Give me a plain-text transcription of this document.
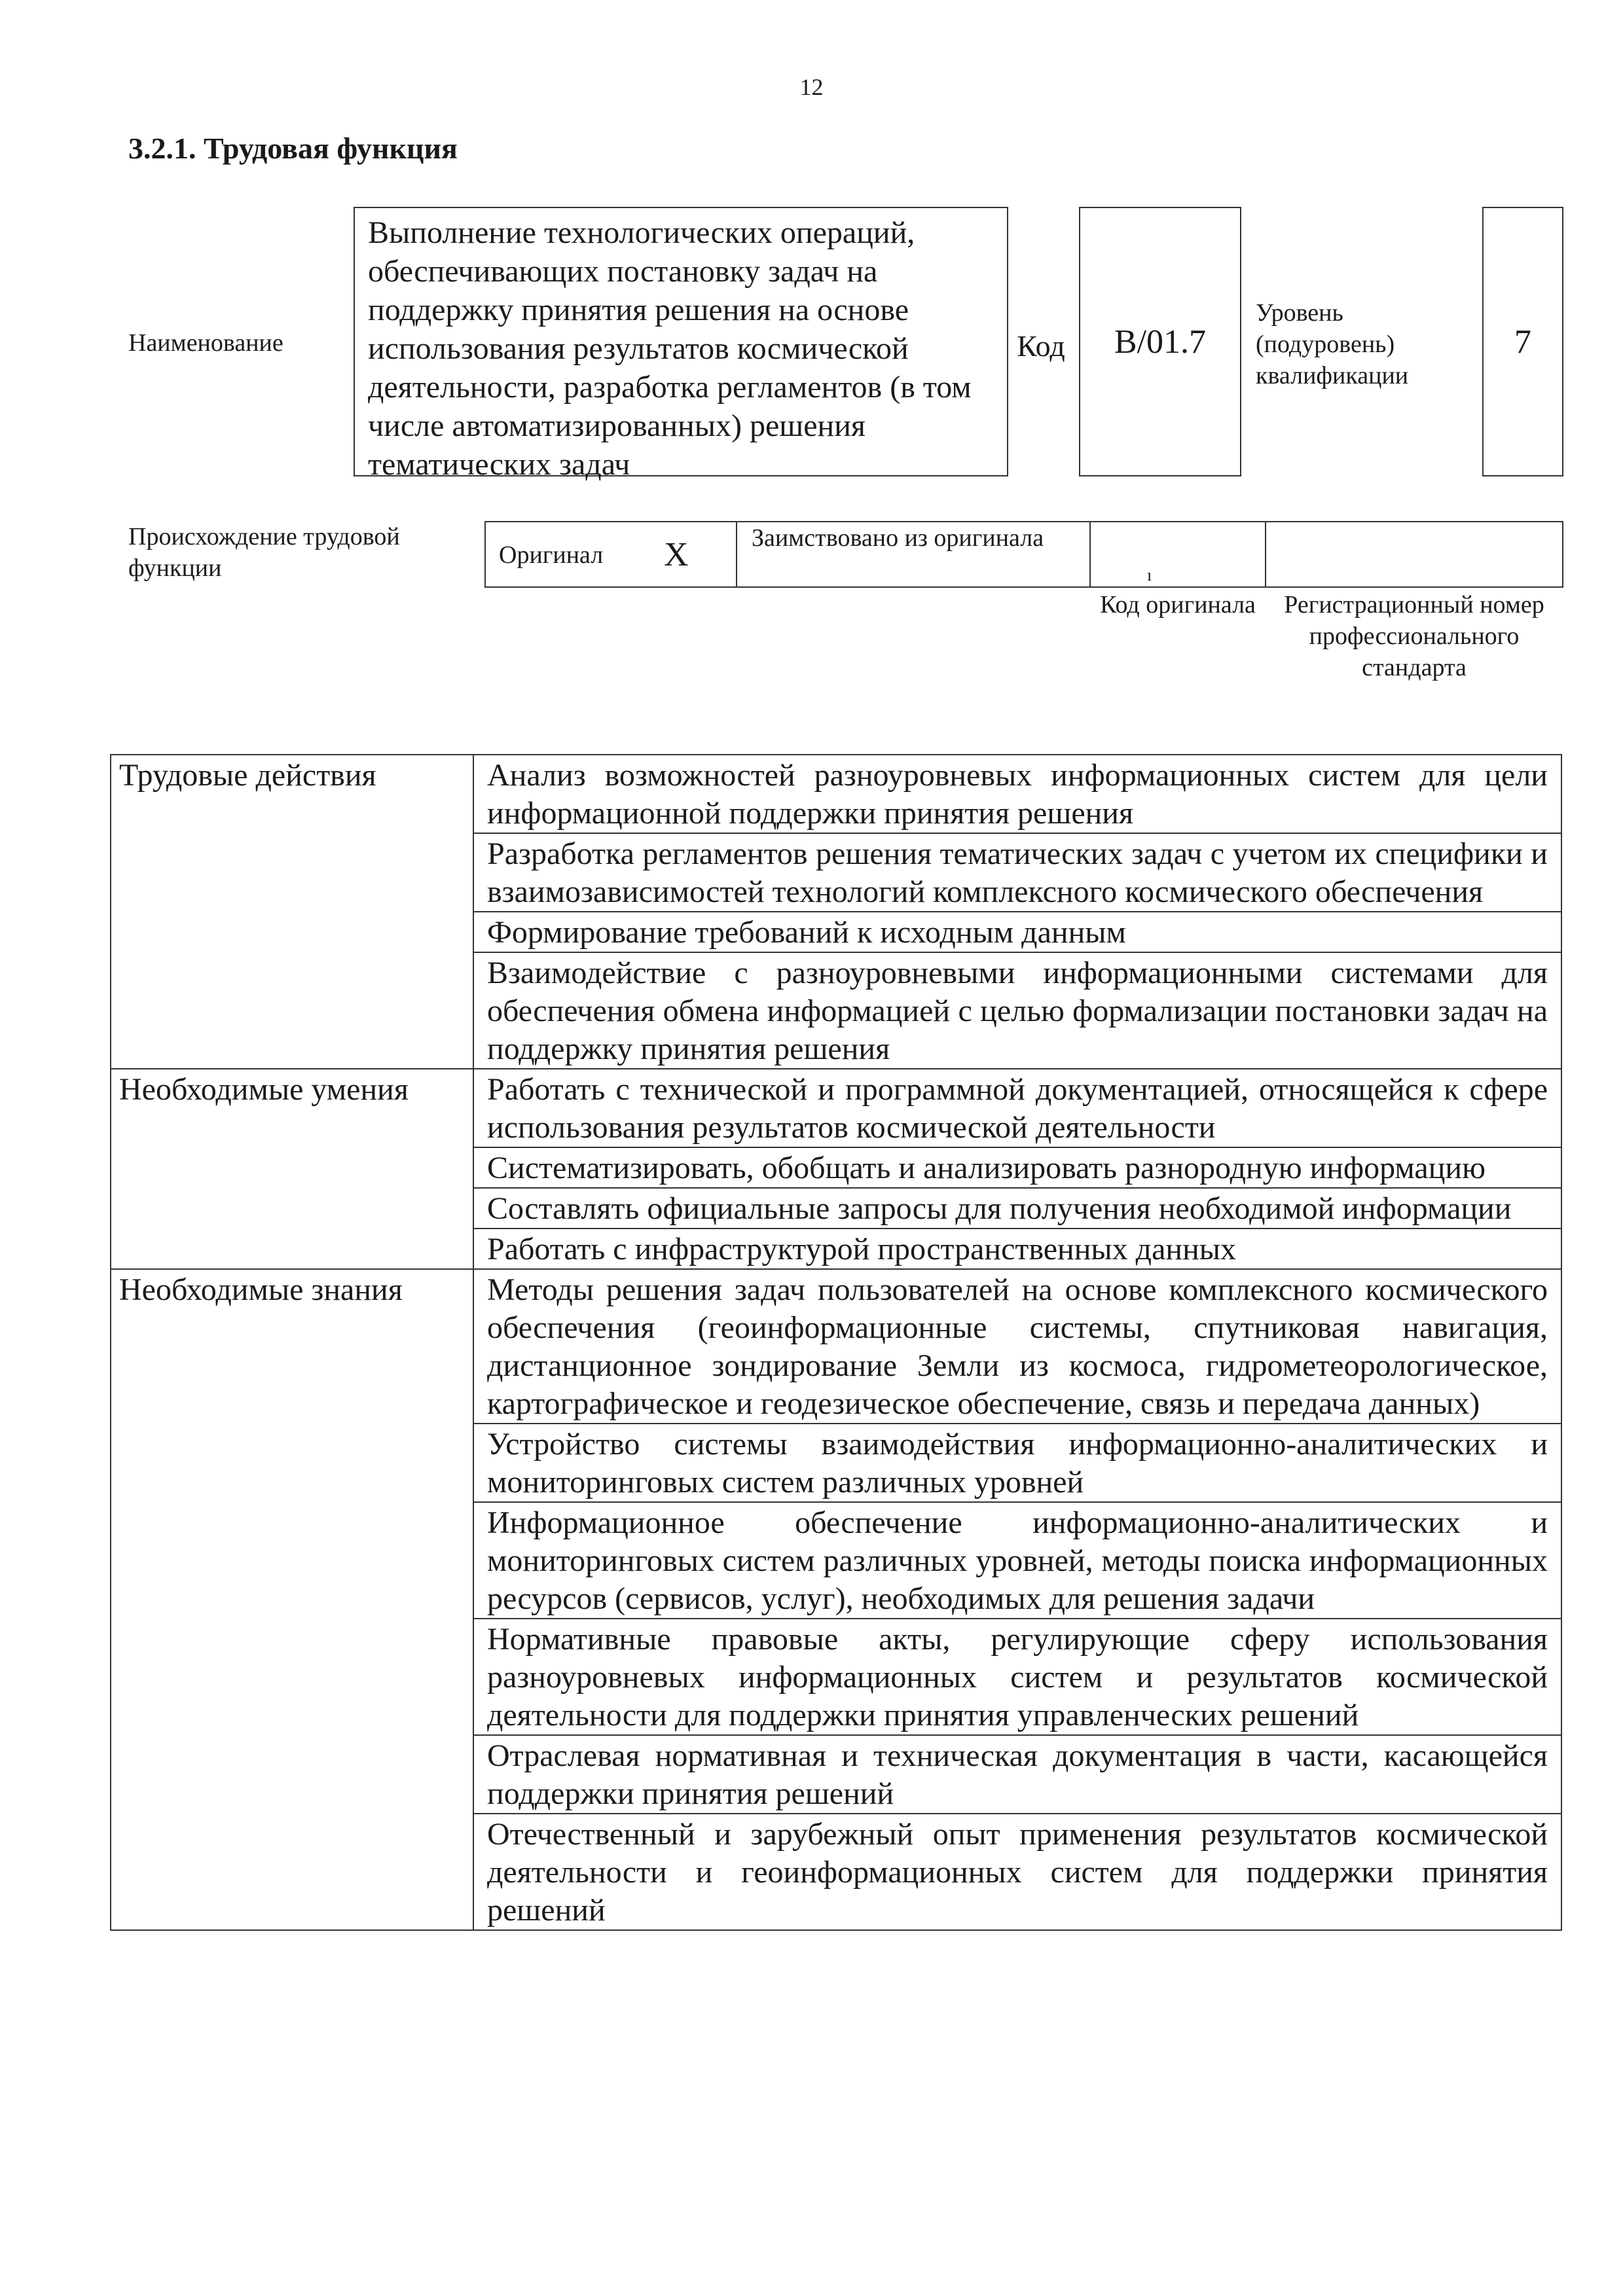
12
3.2.1. Трудовая функция
Наименование
Выполнение технологических операций, обеспечивающих постановку задач на поддержку принятия решения на основе использования результатов космической деятельности, разработка регламентов (в том числе автоматизированных) решения тематических задач
Код B/01.7
Уровень (подуровень) квалификации
7
Происхождение трудовой функции	Оригинал X	Заимствовано из оригинала
ı
Код оригинала	Регистрационный номер профессионального стандарта
Трудовые действия	Анализ возможностей разноуровневых информационных систем для цели информационной поддержки принятия решения
	Разработка регламентов решения тематических задач с учетом их специфики и взаимозависимостей технологий комплексного космического обеспечения
	Формирование требований к исходным данным
	Взаимодействие с разноуровневыми информационными системами для обеспечения обмена информацией с целью формализации постановки задач на поддержку принятия решения
Необходимые умения	Работать с технической и программной документацией, относящейся к сфере использования результатов космической деятельности
	Систематизировать, обобщать и анализировать разнородную информацию
	Составлять официальные запросы для получения необходимой информации
	Работать с инфраструктурой пространственных данных
Необходимые знания	Методы решения задач пользователей на основе комплексного космического обеспечения (геоинформационные системы, спутниковая навигация, дистанционное зондирование Земли из космоса, гидрометеорологическое, картографическое и геодезическое обеспечение, связь и передача данных)
	Устройство системы взаимодействия информационно-аналитических и мониторинговых систем различных уровней
	Информационное обеспечение информационно-аналитических и мониторинговых систем различных уровней, методы поиска информационных ресурсов (сервисов, услуг), необходимых для решения задачи
	Нормативные правовые акты, регулирующие сферу использования разноуровневых информационных систем и результатов космической деятельности для поддержки принятия управленческих решений
	Отраслевая нормативная и техническая документация в части, касающейся поддержки принятия решений
	Отечественный и зарубежный опыт применения результатов космической деятельности и геоинформационных систем для поддержки принятия решений
